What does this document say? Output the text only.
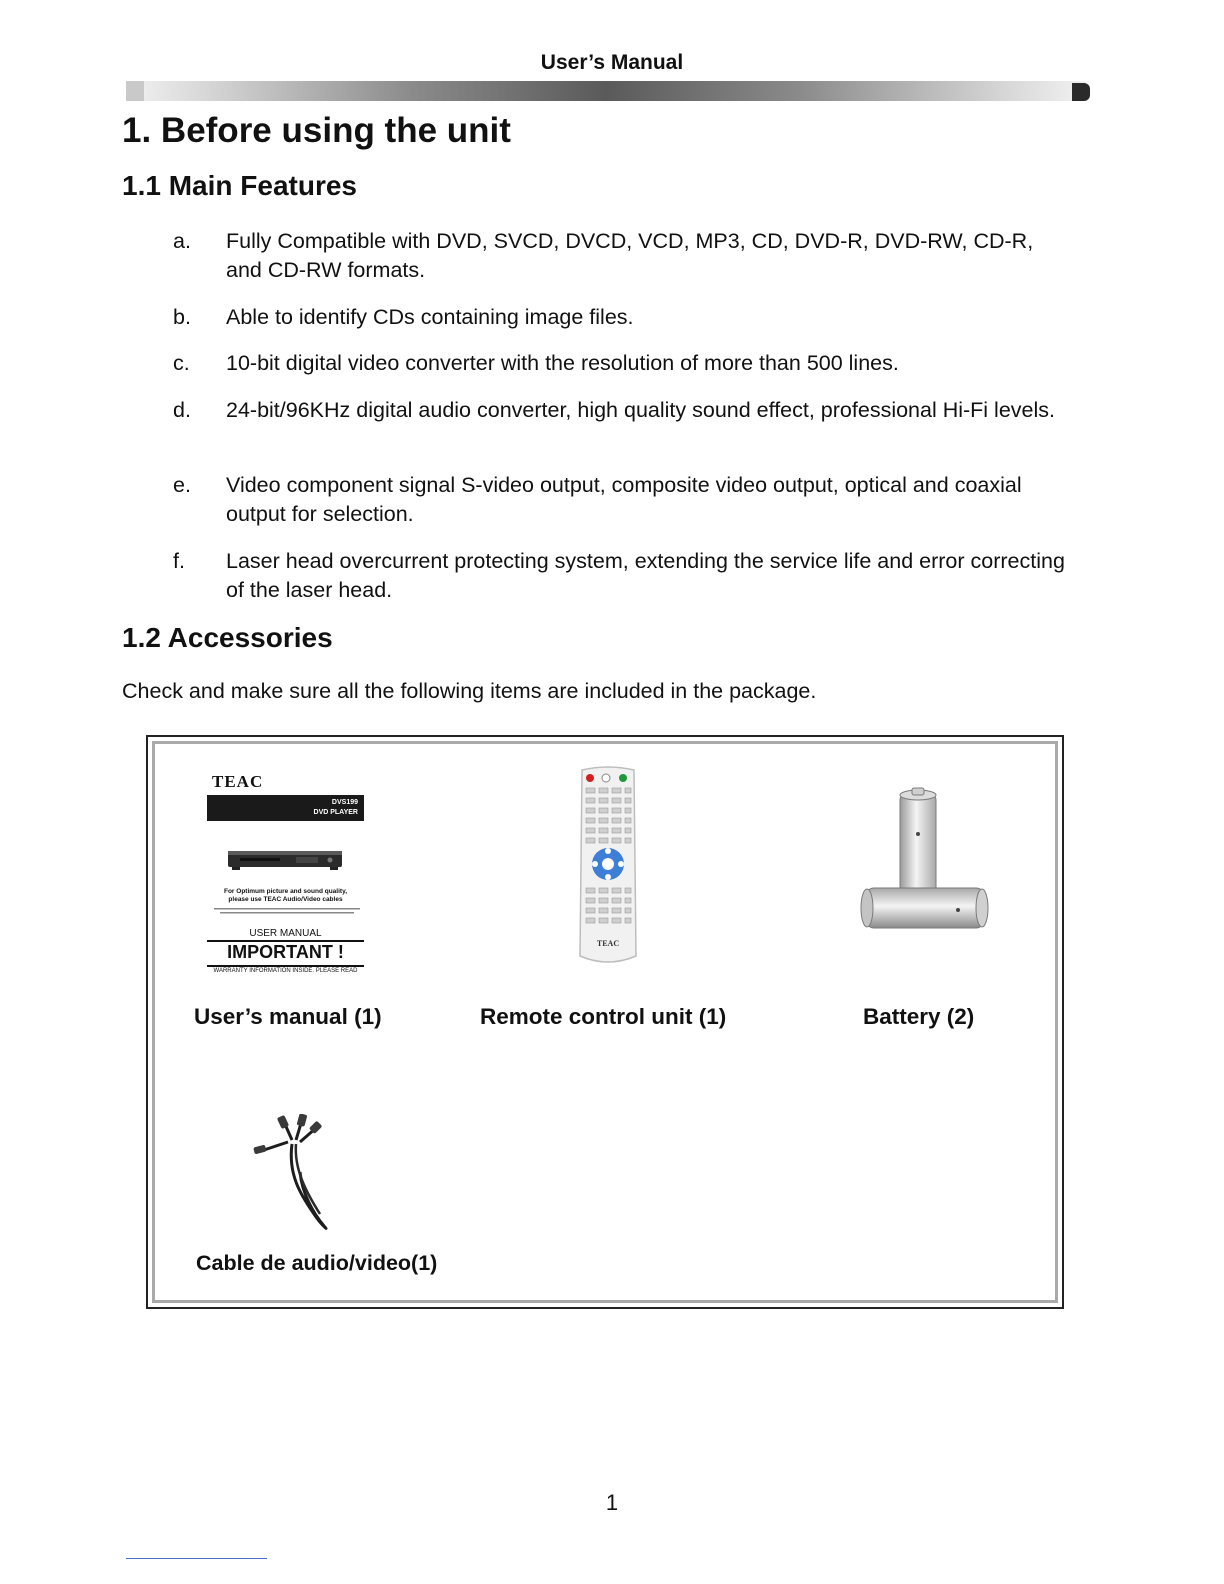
User’s Manual
1. Before using the unit
1.1 Main Features
a. Fully Compatible with DVD, SVCD, DVCD, VCD, MP3, CD, DVD-R, DVD-RW, CD-R, and CD-RW formats.
b. Able to identify CDs containing image files.
c. 10-bit digital video converter with the resolution of more than 500 lines.
d. 24-bit/96KHz digital audio converter, high quality sound effect, professional Hi-Fi levels.
e. Video component signal S-video output, composite video output, optical and coaxial output for selection.
f. Laser head overcurrent protecting system, extending the service life and error correcting of the laser head.
1.2 Accessories
Check and make sure all the following items are included in the package.
TEAC
DVS199
DVD PLAYER
For Optimum picture and sound quality,
please use TEAC Audio/Video cables
USER MANUAL
IMPORTANT !
WARRANTY INFORMATION INSIDE. PLEASE READ
User’s manual (1)
TEAC
Remote control unit (1)	Battery (2)
Cable de audio/video(1)
1
